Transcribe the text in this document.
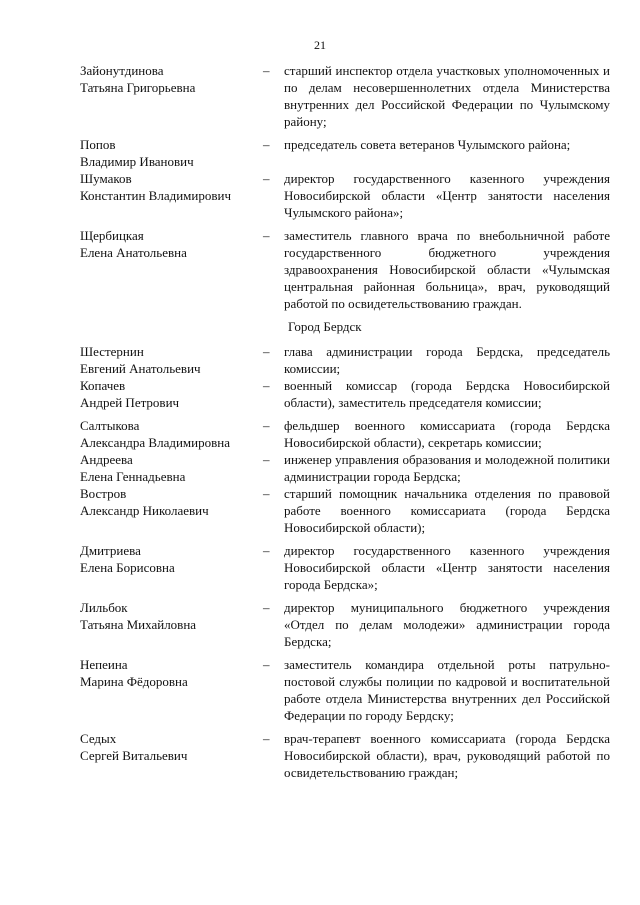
21
Зайонутдинова
Татьяна Григорьевна
–	старший инспектор отдела участковых уполномоченных и по делам несовершеннолетних отдела Министерства внутренних дел Российской Федерации по Чулымскому району;
Попов
Владимир Иванович
–	председатель совета ветеранов Чулымского района;
Шумаков
Константин Владимирович
–	директор государственного казенного учреждения Новосибирской области «Центр занятости населения Чулымского района»;
Щербицкая
Елена Анатольевна
–	заместитель главного врача по внебольничной работе государственного бюджетного учреждения здравоохранения Новосибирской области «Чулымская центральная районная больница», врач, руководящий работой по освидетельствованию граждан.
Город Бердск
Шестернин
Евгений Анатольевич
–	глава администрации города Бердска, председатель комиссии;
Копачев
Андрей Петрович
–	военный комиссар (города Бердска Новосибирской области), заместитель председателя комиссии;
Салтыкова
Александра Владимировна
–	фельдшер военного комиссариата (города Бердска Новосибирской области), секретарь комиссии;
Андреева
Елена Геннадьевна
–	инженер управления образования и молодежной политики администрации города Бердска;
Востров
Александр Николаевич
–	старший помощник начальника отделения по правовой работе военного комиссариата (города Бердска Новосибирской области);
Дмитриева
Елена Борисовна
–	директор государственного казенного учреждения Новосибирской области «Центр занятости населения города Бердска»;
Лильбок
Татьяна Михайловна
–	директор муниципального бюджетного учреждения «Отдел по делам молодежи» администрации города Бердска;
Непеина
Марина Фёдоровна
–	заместитель командира отдельной роты патрульно-постовой службы полиции по кадровой и воспитательной работе отдела Министерства внутренних дел Российской Федерации по городу Бердску;
Седых
Сергей Витальевич
–	врач-терапевт военного комиссариата (города Бердска Новосибирской области), врач, руководящий работой по освидетельствованию граждан;
